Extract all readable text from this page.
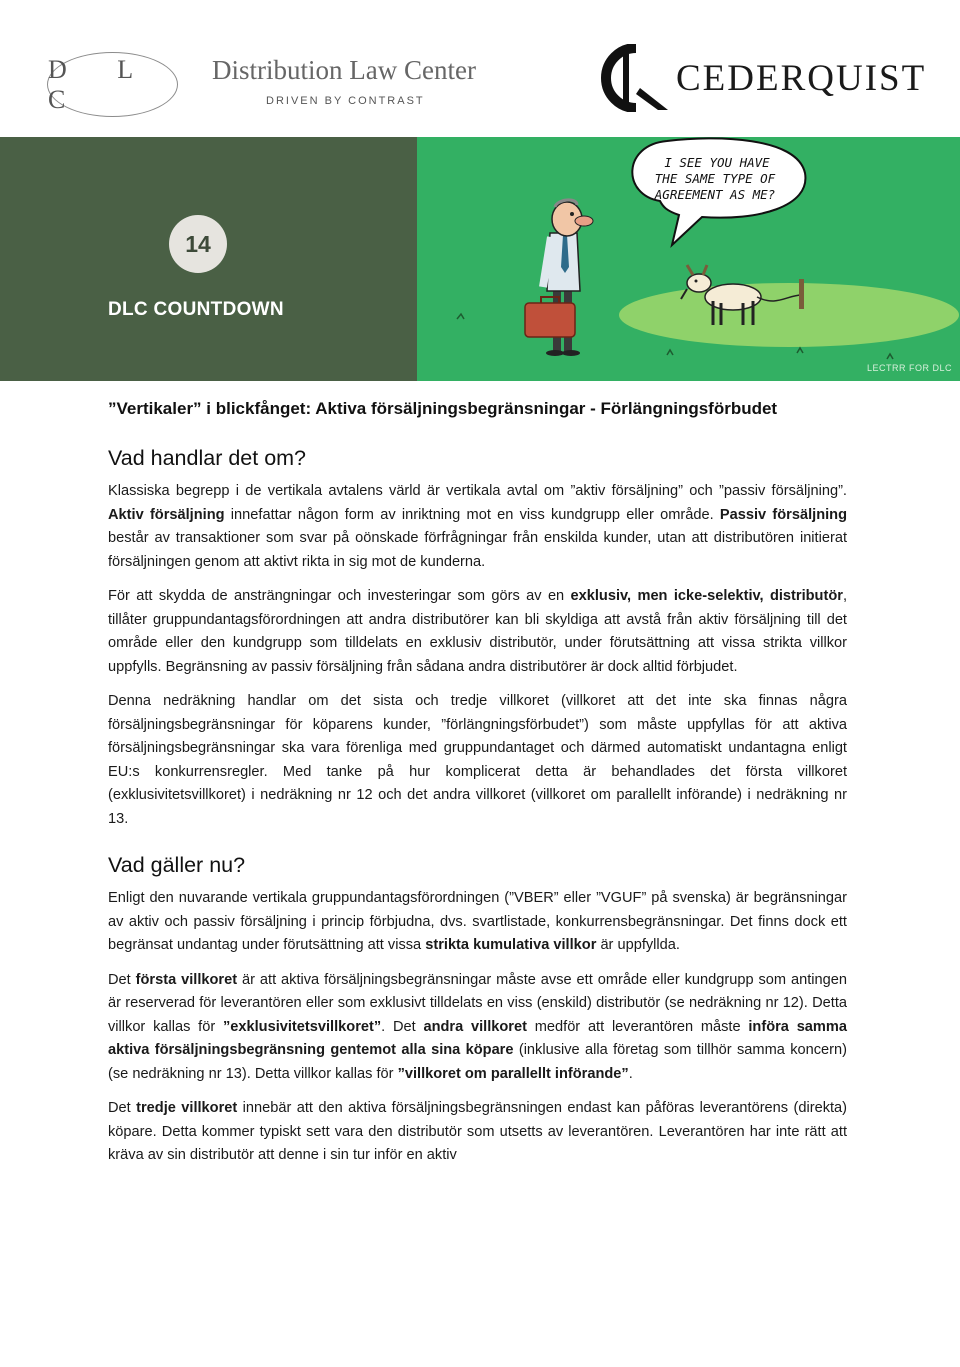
D L C
Distribution Law Center
DRIVEN BY CONTRAST
CEDERQUIST
14
DLC COUNTDOWN
I SEE YOU HAVE
THE SAME TYPE OF
AGREEMENT AS ME?
LECTRR FOR DLC
”Vertikaler” i blickfånget: Aktiva försäljningsbegränsningar - Förlängningsförbudet
Vad handlar det om?

Klassiska begrepp i de vertikala avtalens värld är vertikala avtal om ”aktiv försäljning” och ”passiv försäljning”. Aktiv försäljning innefattar någon form av inriktning mot en viss kundgrupp eller område. Passiv försäljning består av transaktioner som svar på oönskade förfrågningar från enskilda kunder, utan att distributören initierat försäljningen genom att aktivt rikta in sig mot de kunderna.

För att skydda de ansträngningar och investeringar som görs av en exklusiv, men icke-selektiv, distributör, tillåter gruppundantagsförordningen att andra distributörer kan bli skyldiga att avstå från aktiv försäljning till det område eller den kundgrupp som tilldelats en exklusiv distributör, under förutsättning att vissa strikta villkor uppfylls. Begränsning av passiv försäljning från sådana andra distributörer är dock alltid förbjudet.

Denna nedräkning handlar om det sista och tredje villkoret (villkoret att det inte ska finnas några försäljningsbegränsningar för köparens kunder, ”förlängningsförbudet”) som måste uppfyllas för att aktiva försäljningsbegränsningar ska vara förenliga med gruppundantaget och därmed automatiskt undantagna enligt EU:s konkurrensregler. Med tanke på hur komplicerat detta är behandlades det första villkoret (exklusivitetsvillkoret) i nedräkning nr 12 och det andra villkoret (villkoret om parallellt införande) i nedräkning nr 13.

Vad gäller nu?

Enligt den nuvarande vertikala gruppundantagsförordningen (”VBER” eller ”VGUF” på svenska) är begränsningar av aktiv och passiv försäljning i princip förbjudna, dvs. svartlistade, konkurrensbegränsningar. Det finns dock ett begränsat undantag under förutsättning att vissa strikta kumulativa villkor är uppfyllda.

Det första villkoret är att aktiva försäljningsbegränsningar måste avse ett område eller kundgrupp som antingen är reserverad för leverantören eller som exklusivt tilldelats en viss (enskild) distributör (se nedräkning nr 12). Detta villkor kallas för ”exklusivitetsvillkoret”. Det andra villkoret medför att leverantören måste införa samma aktiva försäljningsbegränsning gentemot alla sina köpare (inklusive alla företag som tillhör samma koncern) (se nedräkning nr 13). Detta villkor kallas för ”villkoret om parallellt införande”.

Det tredje villkoret innebär att den aktiva försäljningsbegränsningen endast kan påföras leverantörens (direkta) köpare. Detta kommer typiskt sett vara den distributör som utsetts av leverantören. Leverantören har inte rätt att kräva av sin distributör att denne i sin tur inför en aktiv
